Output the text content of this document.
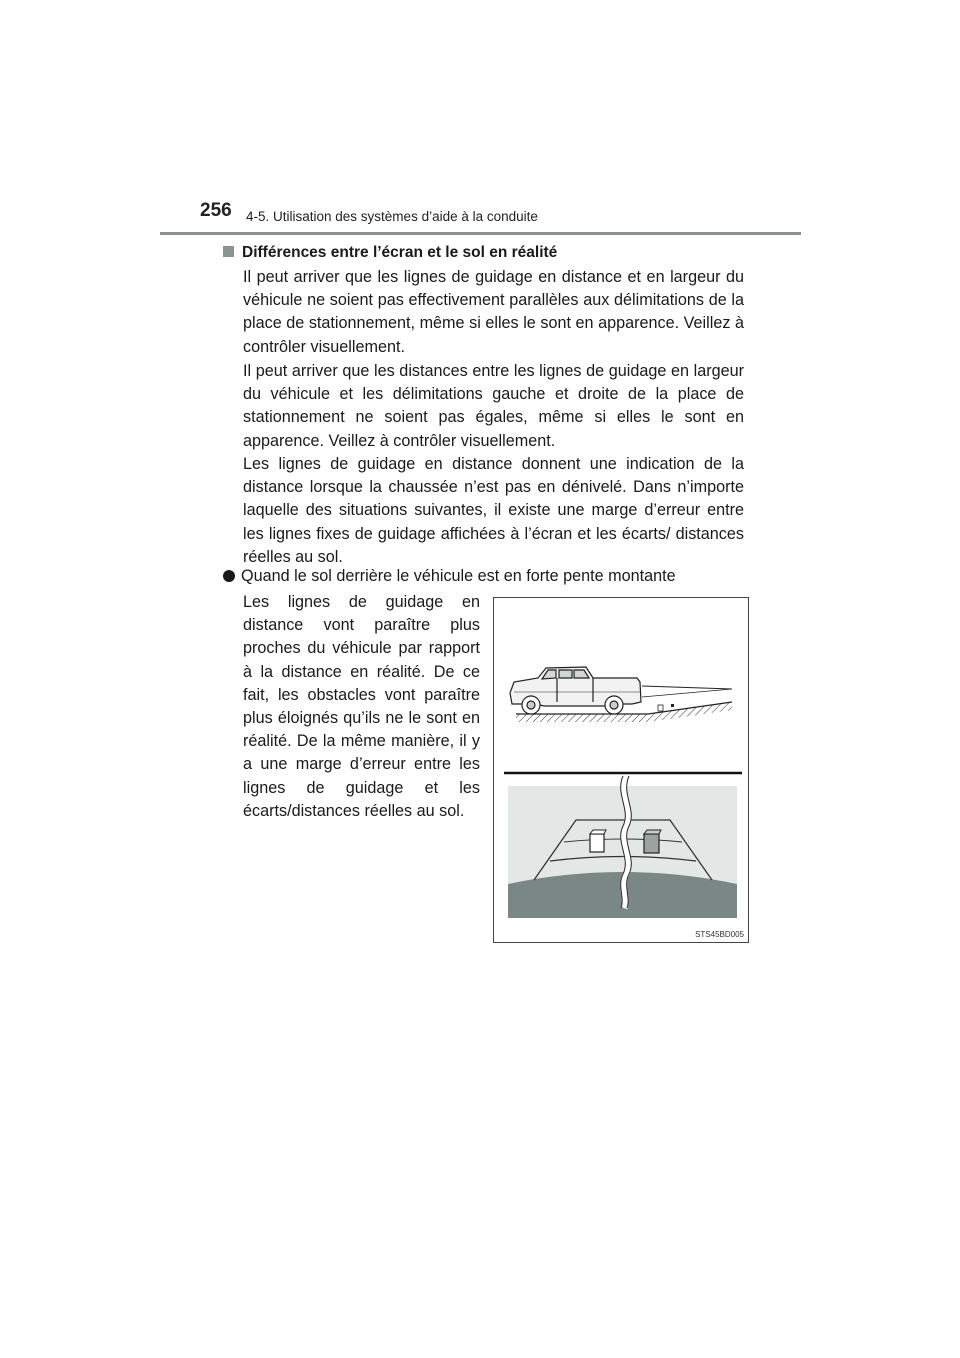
256 4-5. Utilisation des systèmes d’aide à la conduite
Différences entre l’écran et le sol en réalité

Il peut arriver que les lignes de guidage en distance et en largeur du véhicule ne soient pas effectivement parallèles aux délimitations de la place de stationnement, même si elles le sont en apparence. Veillez à contrôler visuellement.

Il peut arriver que les distances entre les lignes de guidage en largeur du véhicule et les délimitations gauche et droite de la place de stationnement ne soient pas égales, même si elles le sont en apparence. Veillez à contrôler visuellement.

Les lignes de guidage en distance donnent une indication de la distance lorsque la chaussée n’est pas en dénivelé. Dans n’importe laquelle des situations suivantes, il existe une marge d’erreur entre les lignes fixes de guidage affichées à l’écran et les écarts/ distances réelles au sol.

Quand le sol derrière le véhicule est en forte pente montante

Les lignes de guidage en distance vont paraître plus proches du véhicule par rapport à la distance en réalité. De ce fait, les obstacles vont paraître plus éloignés qu’ils ne le sont en réalité. De la même manière, il y a une marge d’erreur entre les lignes de guidage et les écarts/distances réelles au sol.

STS45BD005
